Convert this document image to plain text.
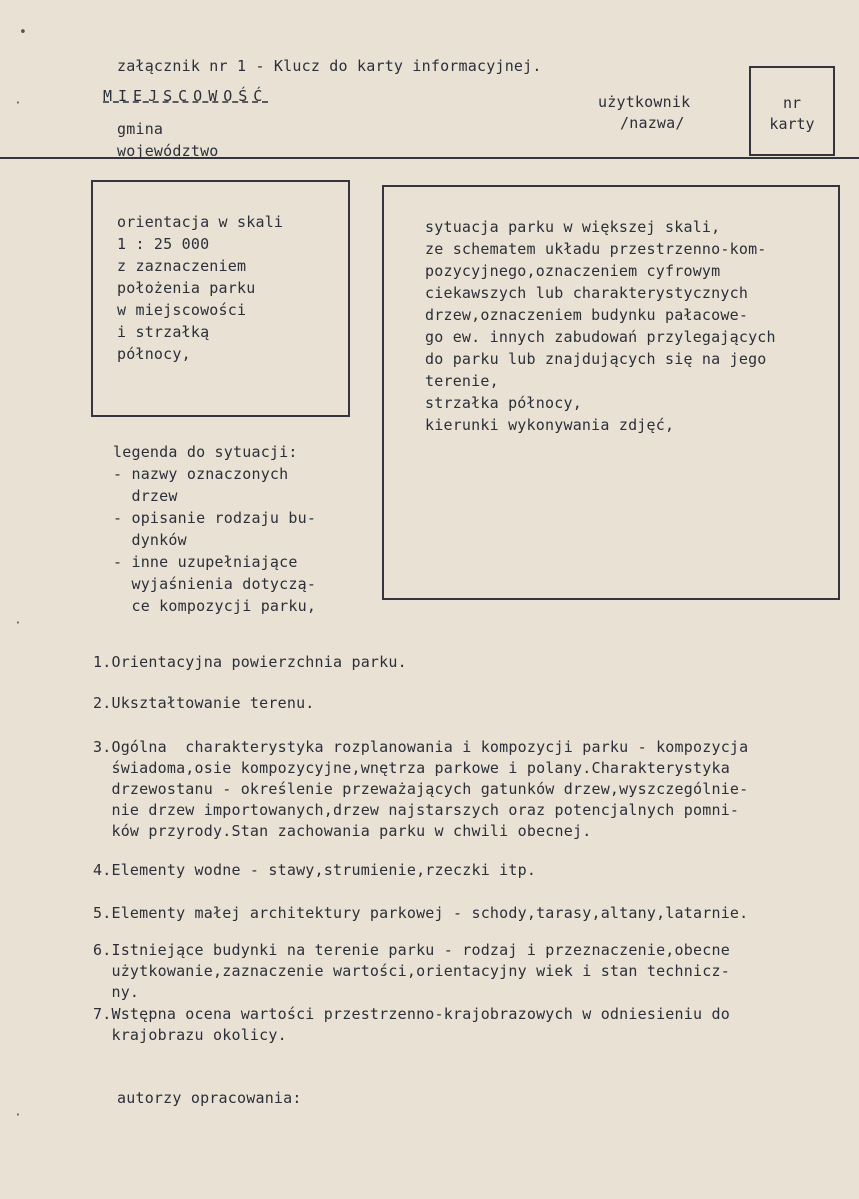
załącznik nr 1 - Klucz do karty informacyjnej.
MIEJSCOWOŚĆ
gmina
województwo
użytkownik
/nazwa/
nr
karty
•
·
·
·
orientacja w skali
1 : 25 000
z zaznaczeniem
położenia parku
w miejscowości
i strzałką
północy,
sytuacja parku w większej skali,
ze schematem układu przestrzenno-kom-
pozycyjnego,oznaczeniem cyfrowym
ciekawszych lub charakterystycznych
drzew,oznaczeniem budynku pałacowe-
go ew. innych zabudowań przylegających
do parku lub znajdujących się na jego
terenie,
strzałka północy,
kierunki wykonywania zdjęć,
legenda do sytuacji:
- nazwy oznaczonych
drzew
- opisanie rodzaju bu-
dynków
- inne uzupełniające
wyjaśnienia dotyczą-
ce kompozycji parku,
1.Orientacyjna powierzchnia parku.
2.Ukształtowanie terenu.
3.Ogólna  charakterystyka rozplanowania i kompozycji parku - kompozycja
świadoma,osie kompozycyjne,wnętrza parkowe i polany.Charakterystyka
drzewostanu - określenie przeważających gatunków drzew,wyszczególnie-
nie drzew importowanych,drzew najstarszych oraz potencjalnych pomni-
ków przyrody.Stan zachowania parku w chwili obecnej.
4.Elementy wodne - stawy,strumienie,rzeczki itp.
5.Elementy małej architektury parkowej - schody,tarasy,altany,latarnie.
6.Istniejące budynki na terenie parku - rodzaj i przeznaczenie,obecne
użytkowanie,zaznaczenie wartości,orientacyjny wiek i stan technicz-
ny.
7.Wstępna ocena wartości przestrzenno-krajobrazowych w odniesieniu do
krajobrazu okolicy.
autorzy opracowania:
